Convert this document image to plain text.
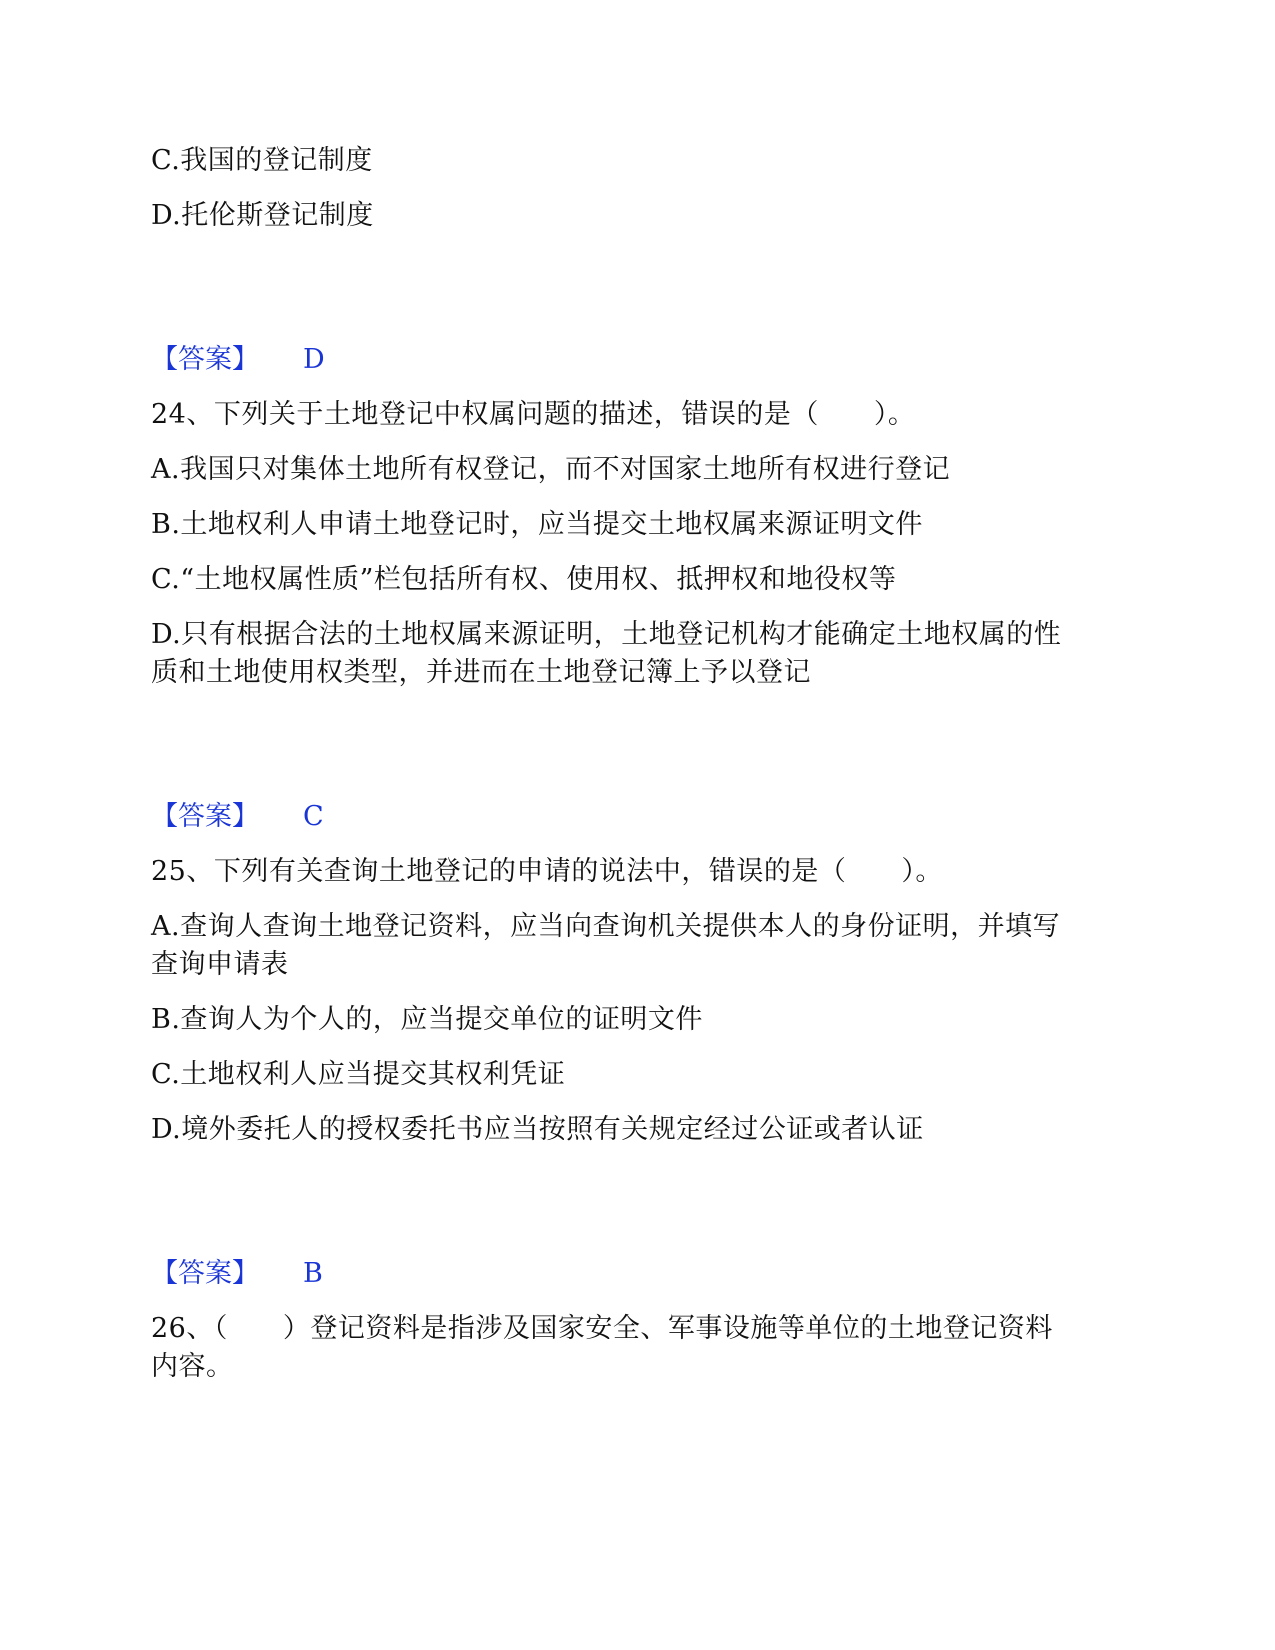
C.我国的登记制度
D.托伦斯登记制度
【答案】 D
24、下列关于土地登记中权属问题的描述，错误的是（　　）。
A.我国只对集体土地所有权登记，而不对国家土地所有权进行登记
B.土地权利人申请土地登记时，应当提交土地权属来源证明文件
C.“土地权属性质”栏包括所有权、使用权、抵押权和地役权等
D.只有根据合法的土地权属来源证明，土地登记机构才能确定土地权属的性
质和土地使用权类型，并进而在土地登记簿上予以登记
【答案】 C
25、下列有关查询土地登记的申请的说法中，错误的是（　　）。
A.查询人查询土地登记资料，应当向查询机关提供本人的身份证明，并填写
查询申请表
B.查询人为个人的，应当提交单位的证明文件
C.土地权利人应当提交其权利凭证
D.境外委托人的授权委托书应当按照有关规定经过公证或者认证
【答案】 B
26、（　　）登记资料是指涉及国家安全、军事设施等单位的土地登记资料
内容。
